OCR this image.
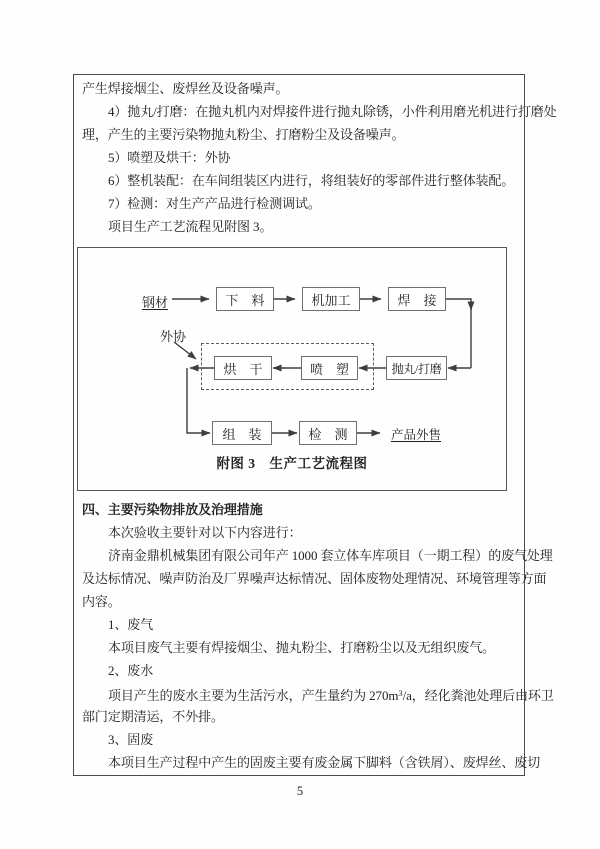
产生焊接烟尘、废焊丝及设备噪声。

4）抛丸/打磨：在抛丸机内对焊接件进行抛丸除锈，小件利用磨光机进行打磨处

理，产生的主要污染物抛丸粉尘、打磨粉尘及设备噪声。

5）喷塑及烘干：外协

6）整机装配：在车间组装区内进行，将组装好的零部件进行整体装配。

7）检测：对生产产品进行检测调试。

项目生产工艺流程见附图 3。

钢材	下　料	机加工	焊　接
外协
烘　干	喷　塑	抛丸/打磨
组　装	检　测	产品外售
附图 3　生产工艺流程图

四、主要污染物排放及治理措施

本次验收主要针对以下内容进行：

济南金鼎机械集团有限公司年产 1000 套立体车库项目（一期工程）的废气处理

及达标情况、噪声防治及厂界噪声达标情况、固体废物处理情况、环境管理等方面

内容。

1、废气

本项目废气主要有焊接烟尘、抛丸粉尘、打磨粉尘以及无组织废气。

2、废水

项目产生的废水主要为生活污水，产生量约为 $270m^3/a$，经化粪池处理后由环卫

部门定期清运，不外排。

3、固废

本项目生产过程中产生的固废主要有废金属下脚料（含铁屑）、废焊丝、废切

5
